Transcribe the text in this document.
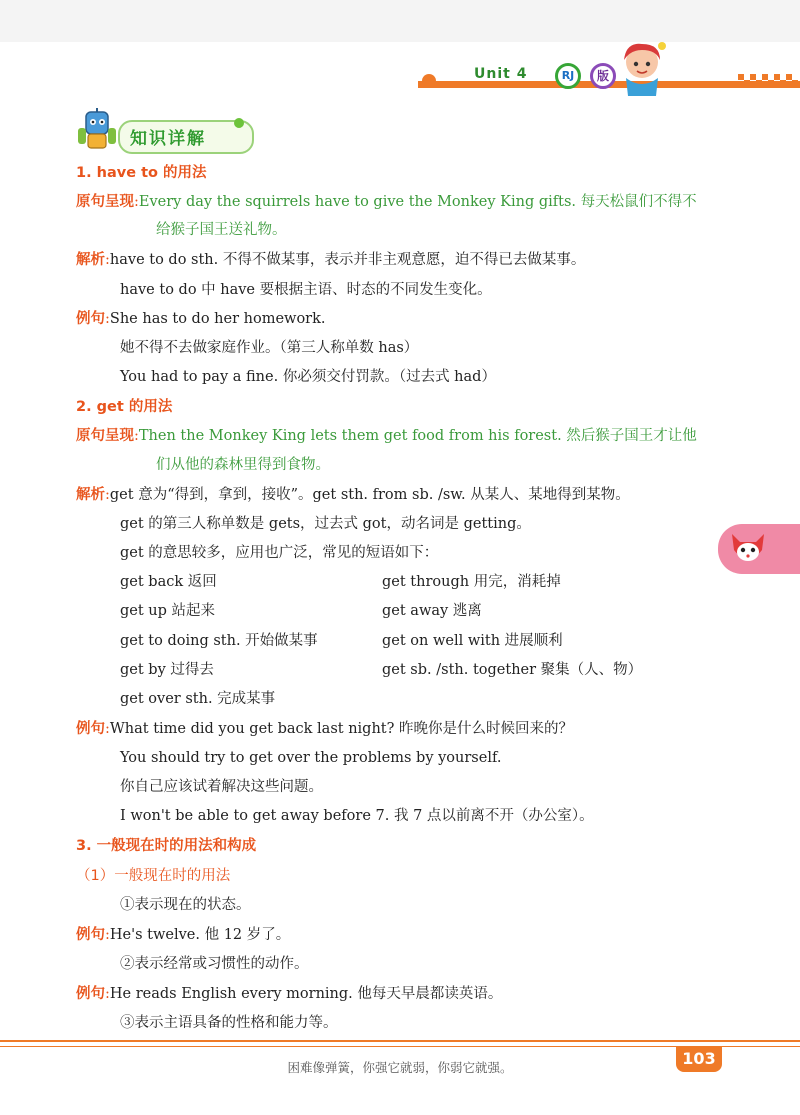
Unit 4	RJ	版
知识详解
1. have to 的用法
原句呈现:Every day the squirrels have to give the Monkey King gifts. 每天松鼠们不得不
给猴子国王送礼物。
解析:have to do sth. 不得不做某事，表示并非主观意愿，迫不得已去做某事。
have to do 中 have 要根据主语、时态的不同发生变化。
例句:She has to do her homework.
她不得不去做家庭作业。（第三人称单数 has）
You had to pay a fine. 你必须交付罚款。（过去式 had）
2. get 的用法
原句呈现:Then the Monkey King lets them get food from his forest. 然后猴子国王才让他
们从他的森林里得到食物。
解析:get 意为“得到，拿到，接收”。get sth. from sb. /sw. 从某人、某地得到某物。
get 的第三人称单数是 gets，过去式 got，动名词是 getting。
get 的意思较多，应用也广泛，常见的短语如下：
get back 返回	get through 用完，消耗掉
get up 站起来	get away 逃离
get to doing sth. 开始做某事	get on well with 进展顺利
get by 过得去	get sb. /sth. together 聚集（人、物）
get over sth. 完成某事
例句:What time did you get back last night? 昨晚你是什么时候回来的？
You should try to get over the problems by yourself.
你自己应该试着解决这些问题。
I won't be able to get away before 7. 我 7 点以前离不开（办公室）。
3. 一般现在时的用法和构成
（1）一般现在时的用法
①表示现在的状态。
例句:He's twelve. 他 12 岁了。
②表示经常或习惯性的动作。
例句:He reads English every morning. 他每天早晨都读英语。
③表示主语具备的性格和能力等。
困难像弹簧，你强它就弱，你弱它就强。	103
